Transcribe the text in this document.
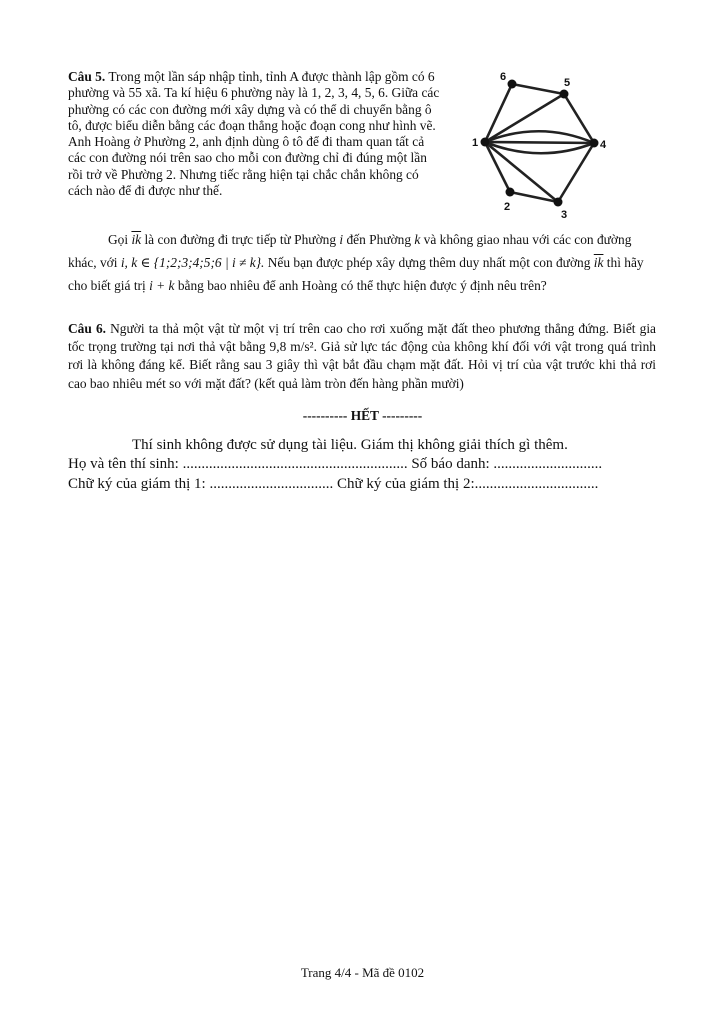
Câu 5. Trong một lần sáp nhập tỉnh, tỉnh A được thành lập gồm có 6 phường và 55 xã. Ta kí hiệu 6 phường này là 1, 2, 3, 4, 5, 6. Giữa các phường có các con đường mới xây dựng và có thể di chuyển bằng ô tô, được biểu diễn bằng các đoạn thẳng hoặc đoạn cong như hình vẽ. Anh Hoàng ở Phường 2, anh định dùng ô tô để đi tham quan tất cả các con đường nói trên sao cho mỗi con đường chỉ đi đúng một lần rồi trở về Phường 2. Nhưng tiếc rằng hiện tại chắc chắn không có cách nào để đi được như thế.
1
2
3
4
5
6

Gọi $\overline{ik}$ là con đường đi trực tiếp từ Phường i đến Phường k và không giao nhau với các con đường khác, với i, k ∈ {1;2;3;4;5;6 | i ≠ k}. Nếu bạn được phép xây dựng thêm duy nhất một con đường $\overline{ik}$ thì hãy cho biết giá trị i + k bằng bao nhiêu để anh Hoàng có thể thực hiện được ý định nêu trên?

Câu 6. Người ta thả một vật từ một vị trí trên cao cho rơi xuống mặt đất theo phương thẳng đứng. Biết gia tốc trọng trường tại nơi thả vật bằng 9,8 m/s². Giả sử lực tác động của không khí đối với vật trong quá trình rơi là không đáng kể. Biết rằng sau 3 giây thì vật bắt đầu chạm mặt đất. Hỏi vị trí của vật trước khi thả rơi cao bao nhiêu mét so với mặt đất? (kết quả làm tròn đến hàng phần mười)
---------- HẾT ---------
Thí sinh không được sử dụng tài liệu. Giám thị không giải thích gì thêm.
Họ và tên thí sinh: ............................................................ Số báo danh: .............................
Chữ ký của giám thị 1: ................................. Chữ ký của giám thị 2:.................................
Trang 4/4 - Mã đề 0102
